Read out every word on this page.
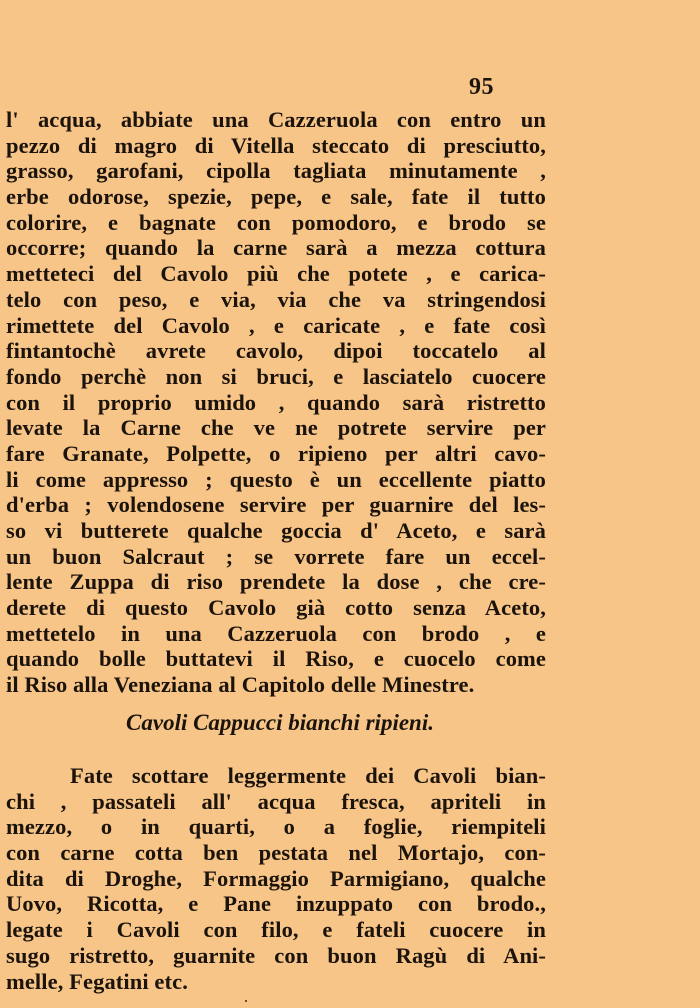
95
l' acqua, abbiate una Cazzeruola con entro un
pezzo di magro di Vitella steccato di presciutto,
grasso, garofani, cipolla tagliata minutamente ,
erbe odorose, spezie, pepe, e sale, fate il tutto
colorire, e bagnate con pomodoro, e brodo se
occorre; quando la carne sarà a mezza cottura
metteteci del Cavolo più che potete , e carica-
telo con peso, e via, via che va stringendosi
rimettete del Cavolo , e caricate , e fate così
fintantochè avrete cavolo, dipoi toccatelo al
fondo perchè non si bruci, e lasciatelo cuocere
con il proprio umido , quando sarà ristretto
levate la Carne che ve ne potrete servire per
fare Granate, Polpette, o ripieno per altri cavo-
li come appresso ; questo è un eccellente piatto
d'erba ; volendosene servire per guarnire del les-
so vi butterete qualche goccia d' Aceto, e sarà
un buon Salcraut ; se vorrete fare un eccel-
lente Zuppa di riso prendete la dose , che cre-
derete di questo Cavolo già cotto senza Aceto,
mettetelo in una Cazzeruola con brodo , e
quando bolle buttatevi il Riso, e cuocelo come
il Riso alla Veneziana al Capitolo delle Minestre.
Cavoli Cappucci bianchi ripieni.
Fate scottare leggermente dei Cavoli bian-
chi , passateli all' acqua fresca, apriteli in
mezzo, o in quarti, o a foglie, riempiteli
con carne cotta ben pestata nel Mortajo, con-
dita di Droghe, Formaggio Parmigiano, qualche
Uovo, Ricotta, e Pane inzuppato con brodo.,
legate i Cavoli con filo, e fateli cuocere in
sugo ristretto, guarnite con buon Ragù di Ani-
melle, Fegatini etc.
